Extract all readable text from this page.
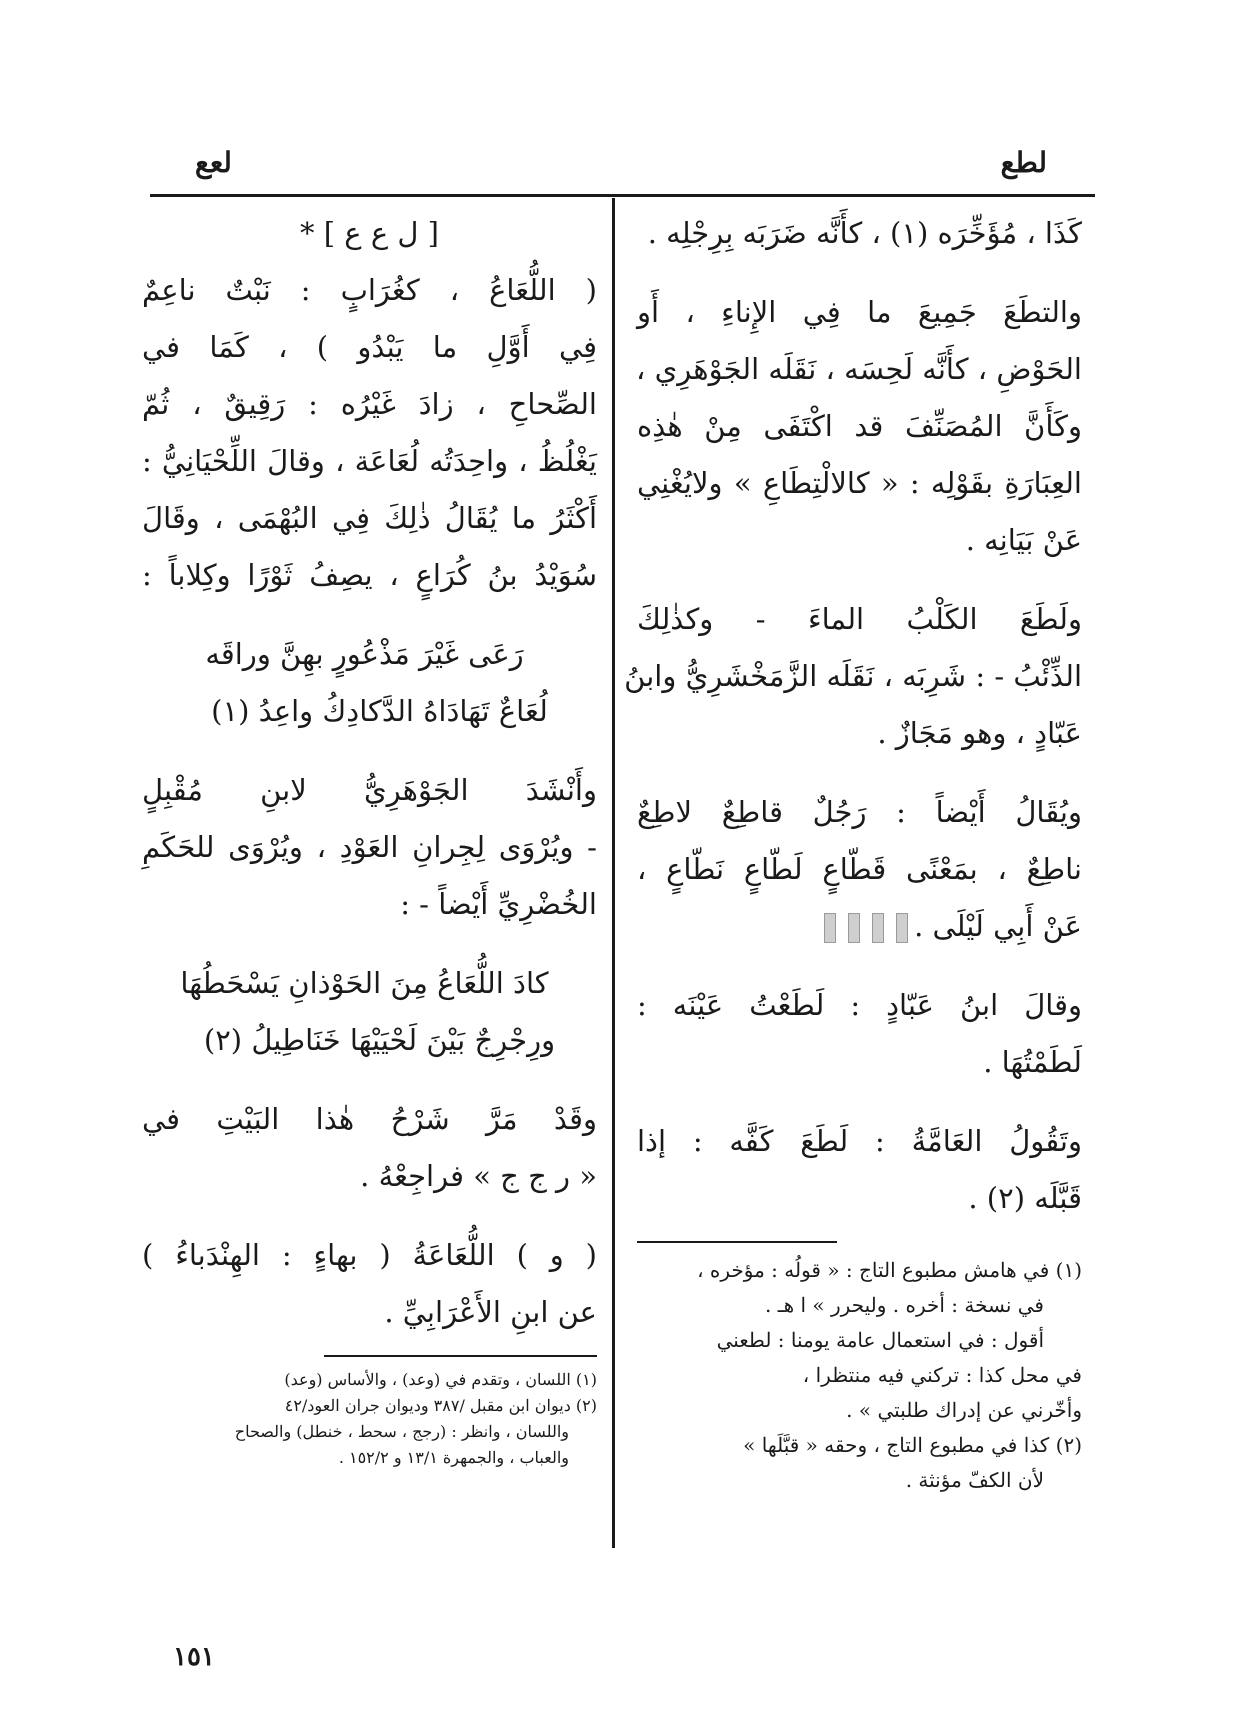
لطع
لعع
كَذَا ، مُؤَخِّرَه (١) ، كأَنَّه ضَرَبَه بِرِجْلِه .
والتطَعَ جَمِيعَ ما فِي الإِناءِ ، أَو
الحَوْضِ ، كأَنَّه لَحِسَه ، نَقَلَه الجَوْهَرِي ،
وكَأَنَّ المُصَنِّفَ قد اكْتَفَى مِنْ هٰذِه
العِبَارَةِ بقَوْلِه : « كالالْتِطَاعِ » ولايُغْنِي
عَنْ بَيَانِه .
ولَطَعَ الكَلْبُ الماءَ - وكذٰلِكَ
الذِّئْبُ - : شَرِبَه ، نَقَلَه الزَّمَخْشَرِيُّ وابنُ
عَبّادٍ ، وهو مَجَازٌ .
ويُقَالُ أَيْضاً : رَجُلٌ قاطِعٌ لاطِعٌ
ناطِعٌ ، بمَعْنًى قَطّاعٍ لَطّاعٍ نَطّاعٍ ،
عَنْ أَبِي لَيْلَى .
وقالَ ابنُ عَبّادٍ : لَطَعْتُ عَيْنَه :
لَطَمْتُهَا .
وتَقُولُ العَامَّةُ : لَطَعَ كَفَّه : إذا
قَبَّلَه (٢) .
(١) في هامش مطبوع التاج : « قولُه : مؤخره ،
في نسخة : أخره . وليحرر » ا هـ .
أقول : في استعمال عامة يومنا : لطعني
في محل كذا : تركني فيه منتظرا ،
وأخّرني عن إدراك طلبتي » .
(٢) كذا في مطبوع التاج ، وحقه « قبَّلَها »
لأن الكفّ مؤنثة .
[ ل ع ع ] *
( اللُّعَاعُ ، كغُرَابٍ : نَبْتٌ ناعِمٌ
فِي أَوَّلِ ما يَبْدُو ) ، كَمَا في
الصِّحاحِ ، زادَ غَيْرُه : رَقِيقٌ ، ثُمّ
يَغْلُظُ ، واحِدَتُه لُعَاعَة ، وقالَ اللِّحْيَانِيُّ :
أَكْثَرُ ما يُقَالُ ذٰلِكَ فِي البُهْمَى ، وقَالَ
سُوَيْدُ بنُ كُرَاعٍ ، يصِفُ ثَوْرًا وكِلاباً :
رَعَى غَيْرَ مَذْعُورٍ بهِنَّ وراقَه
لُعَاعٌ تَهَادَاهُ الدَّكادِكُ واعِدُ (١)
وأَنْشَدَ الجَوْهَرِيُّ لابنِ مُقْبِلٍ
- ويُرْوَى لِجِرانِ العَوْدِ ، ويُرْوَى للحَكَمِ
الخُضْرِيِّ أَيْضاً - :
كادَ اللُّعَاعُ مِنَ الحَوْذانِ يَسْحَطُهَا
ورِجْرِجٌ بَيْنَ لَحْيَيْهَا خَنَاطِيلُ (٢)
وقَدْ مَرَّ شَرْحُ هٰذا البَيْتِ في
« ر ج ج » فراجِعْهُ .
( و ) اللُّعَاعَةُ ( بهاءٍ : الهِنْدَباءُ )
عن ابنِ الأَعْرَابِيِّ .
(١) اللسان ، وتقدم في (وعد) ، والأساس (وعد)
(٢) ديوان ابن مقبل /٣٨٧ وديوان جران العود/٤٢
واللسان ، وانظر : (رجج ، سحط ، خنطل) والصحاح
والعباب ، والجمهرة ١٣/١ و ١٥٢/٢ .
١٥١
